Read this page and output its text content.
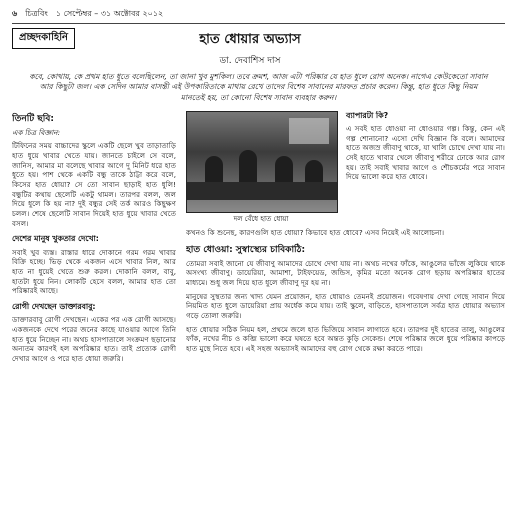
৬ চিত্রবিং ১ সেপ্টেম্বর – ৩১ অক্টোবর ২০১২
প্রচ্ছদকাহিনি	হাত ধোয়ার অভ্যাস
ডা. দেবাশিস দাস
কবে, কোথায়, কে প্রথম হাত ধুতে বলেছিলেন, তা জানা খুব মুশকিল। তবে ক্রমশ, আজ এটা পরিষ্কার যে হাত ধুলে রোগ অনেক। নাগেএ কেউকেতো সাবান আর কিছুটা জল। এক সেদিন আমার বাসন্তী এই উপকারিতাকে মাথায় রেখে তাদের বিশেষ সাবানের মারফত প্রচার করেন। কিন্তু, হাত ধুতে কিছু নিয়ম মানতেই হয়, তা কোনো বিশেষ সাবান ব্যবহার করুন।
তিনটি ছবি:
এক চিত্র বিজ্ঞান:

টিফিনের সময় বাচ্চাদের স্কুলে একটি ছেলে খুব তাড়াতাড়ি হাত ধুয়ে খাবার খেতে যায়। জানতে চাইলে সে বলে, জানিস, আমার মা বলেছে খাবার আগে দু মিনিট ধরে হাত ধুতে হয়। পাশ থেকে একটি বন্ধু তাকে ঠাট্টা করে বলে, কিসের হাত ধোয়া? সে তো সাবান ছাড়াই হাত ধুলি! বন্ধুটির কথায় ছেলেটি একটু থামল। তারপর বলল, জল দিয়ে ধুলে কি হয় না? দুই বন্ধুর সেই তর্ক আরও কিছুক্ষণ চলল। শেষে ছেলেটি সাবান দিয়েই হাত ধুয়ে খাবার খেতে বসল।

দেশের মানুষ খুকতার দেখো:

সবাই খুব ব্যস্ত। রাস্তার ধারে দোকানে গরম গরম খাবার বিক্রি হচ্ছে। ভিড় থেকে একজন এসে খাবার নিল, আর হাত না ধুয়েই খেতে শুরু করল। দোকানি বলল, বাবু, হাতটা ধুয়ে নিন। লোকটি হেসে বলল, আমার হাত তো পরিষ্কারই আছে।

রোগী দেখছেন ডাক্তারবাবু:

ডাক্তারবাবু রোগী দেখছেন। একের পর এক রোগী আসছে। একজনকে দেখে পরের জনের কাছে যাওয়ার আগে তিনি হাত ধুয়ে নিচ্ছেন না। অথচ হাসপাতালে সংক্রমণ ছড়ানোর অন্যতম কারণই হল অপরিষ্কার হাত। তাই প্রত্যেক রোগী দেখার আগে ও পরে হাত ধোয়া জরুরি।

দল বেঁধে হাত ধোয়া
ব্যাপারটা কি?

এ সবই হাত ধোওয়া না ধোওয়ার গল্প। কিন্তু, কেন এই গল্প শোনানো? এসো দেখি বিজ্ঞান কি বলে। আমাদের হাতে অজস্র জীবাণু থাকে, যা খালি চোখে দেখা যায় না। সেই হাতে খাবার খেলে জীবাণু শরীরে ঢোকে আর রোগ হয়। তাই সবাই খাবার আগে ও শৌচকর্মের পরে সাবান দিয়ে ভালো করে হাত ধোবে।

কখনও কি শুনেছ, কারণগুলি হাত ধোয়া? কিভাবে হাত ধোবে? এসব নিয়েই এই আলোচনা।

হাত ধোওয়া: সুস্বাস্থ্যের চাবিকাঠি:

তোমরা সবাই জানো যে জীবাণু আমাদের চোখে দেখা যায় না। অথচ নখের ফাঁকে, আঙুলের ভাঁজে লুকিয়ে থাকে অসংখ্য জীবাণু। ডায়েরিয়া, আমাশা, টাইফয়েড, জন্ডিস, কৃমির মতো অনেক রোগ ছড়ায় অপরিষ্কার হাতের মাধ্যমে। শুধু জল দিয়ে হাত ধুলে জীবাণু দূর হয় না।

মানুষের সুস্থতার জন্য খাদ্য যেমন প্রয়োজন, হাত ধোয়াও তেমনই প্রয়োজন। গবেষণায় দেখা গেছে সাবান দিয়ে নিয়মিত হাত ধুলে ডায়েরিয়া প্রায় অর্ধেক কমে যায়। তাই স্কুলে, বাড়িতে, হাসপাতালে সর্বত্র হাত ধোয়ার অভ্যাস গড়ে তোলা জরুরি।

হাত ধোয়ার সঠিক নিয়ম হল, প্রথমে জলে হাত ভিজিয়ে সাবান লাগাতে হবে। তারপর দুই হাতের তালু, আঙুলের ফাঁক, নখের নীচ ও কব্জি ভালো করে ঘষতে হবে অন্তত কুড়ি সেকেন্ড। শেষে পরিষ্কার জলে ধুয়ে পরিষ্কার কাপড়ে হাত মুছে নিতে হবে। এই সহজ অভ্যাসই আমাদের বহু রোগ থেকে রক্ষা করতে পারে।
